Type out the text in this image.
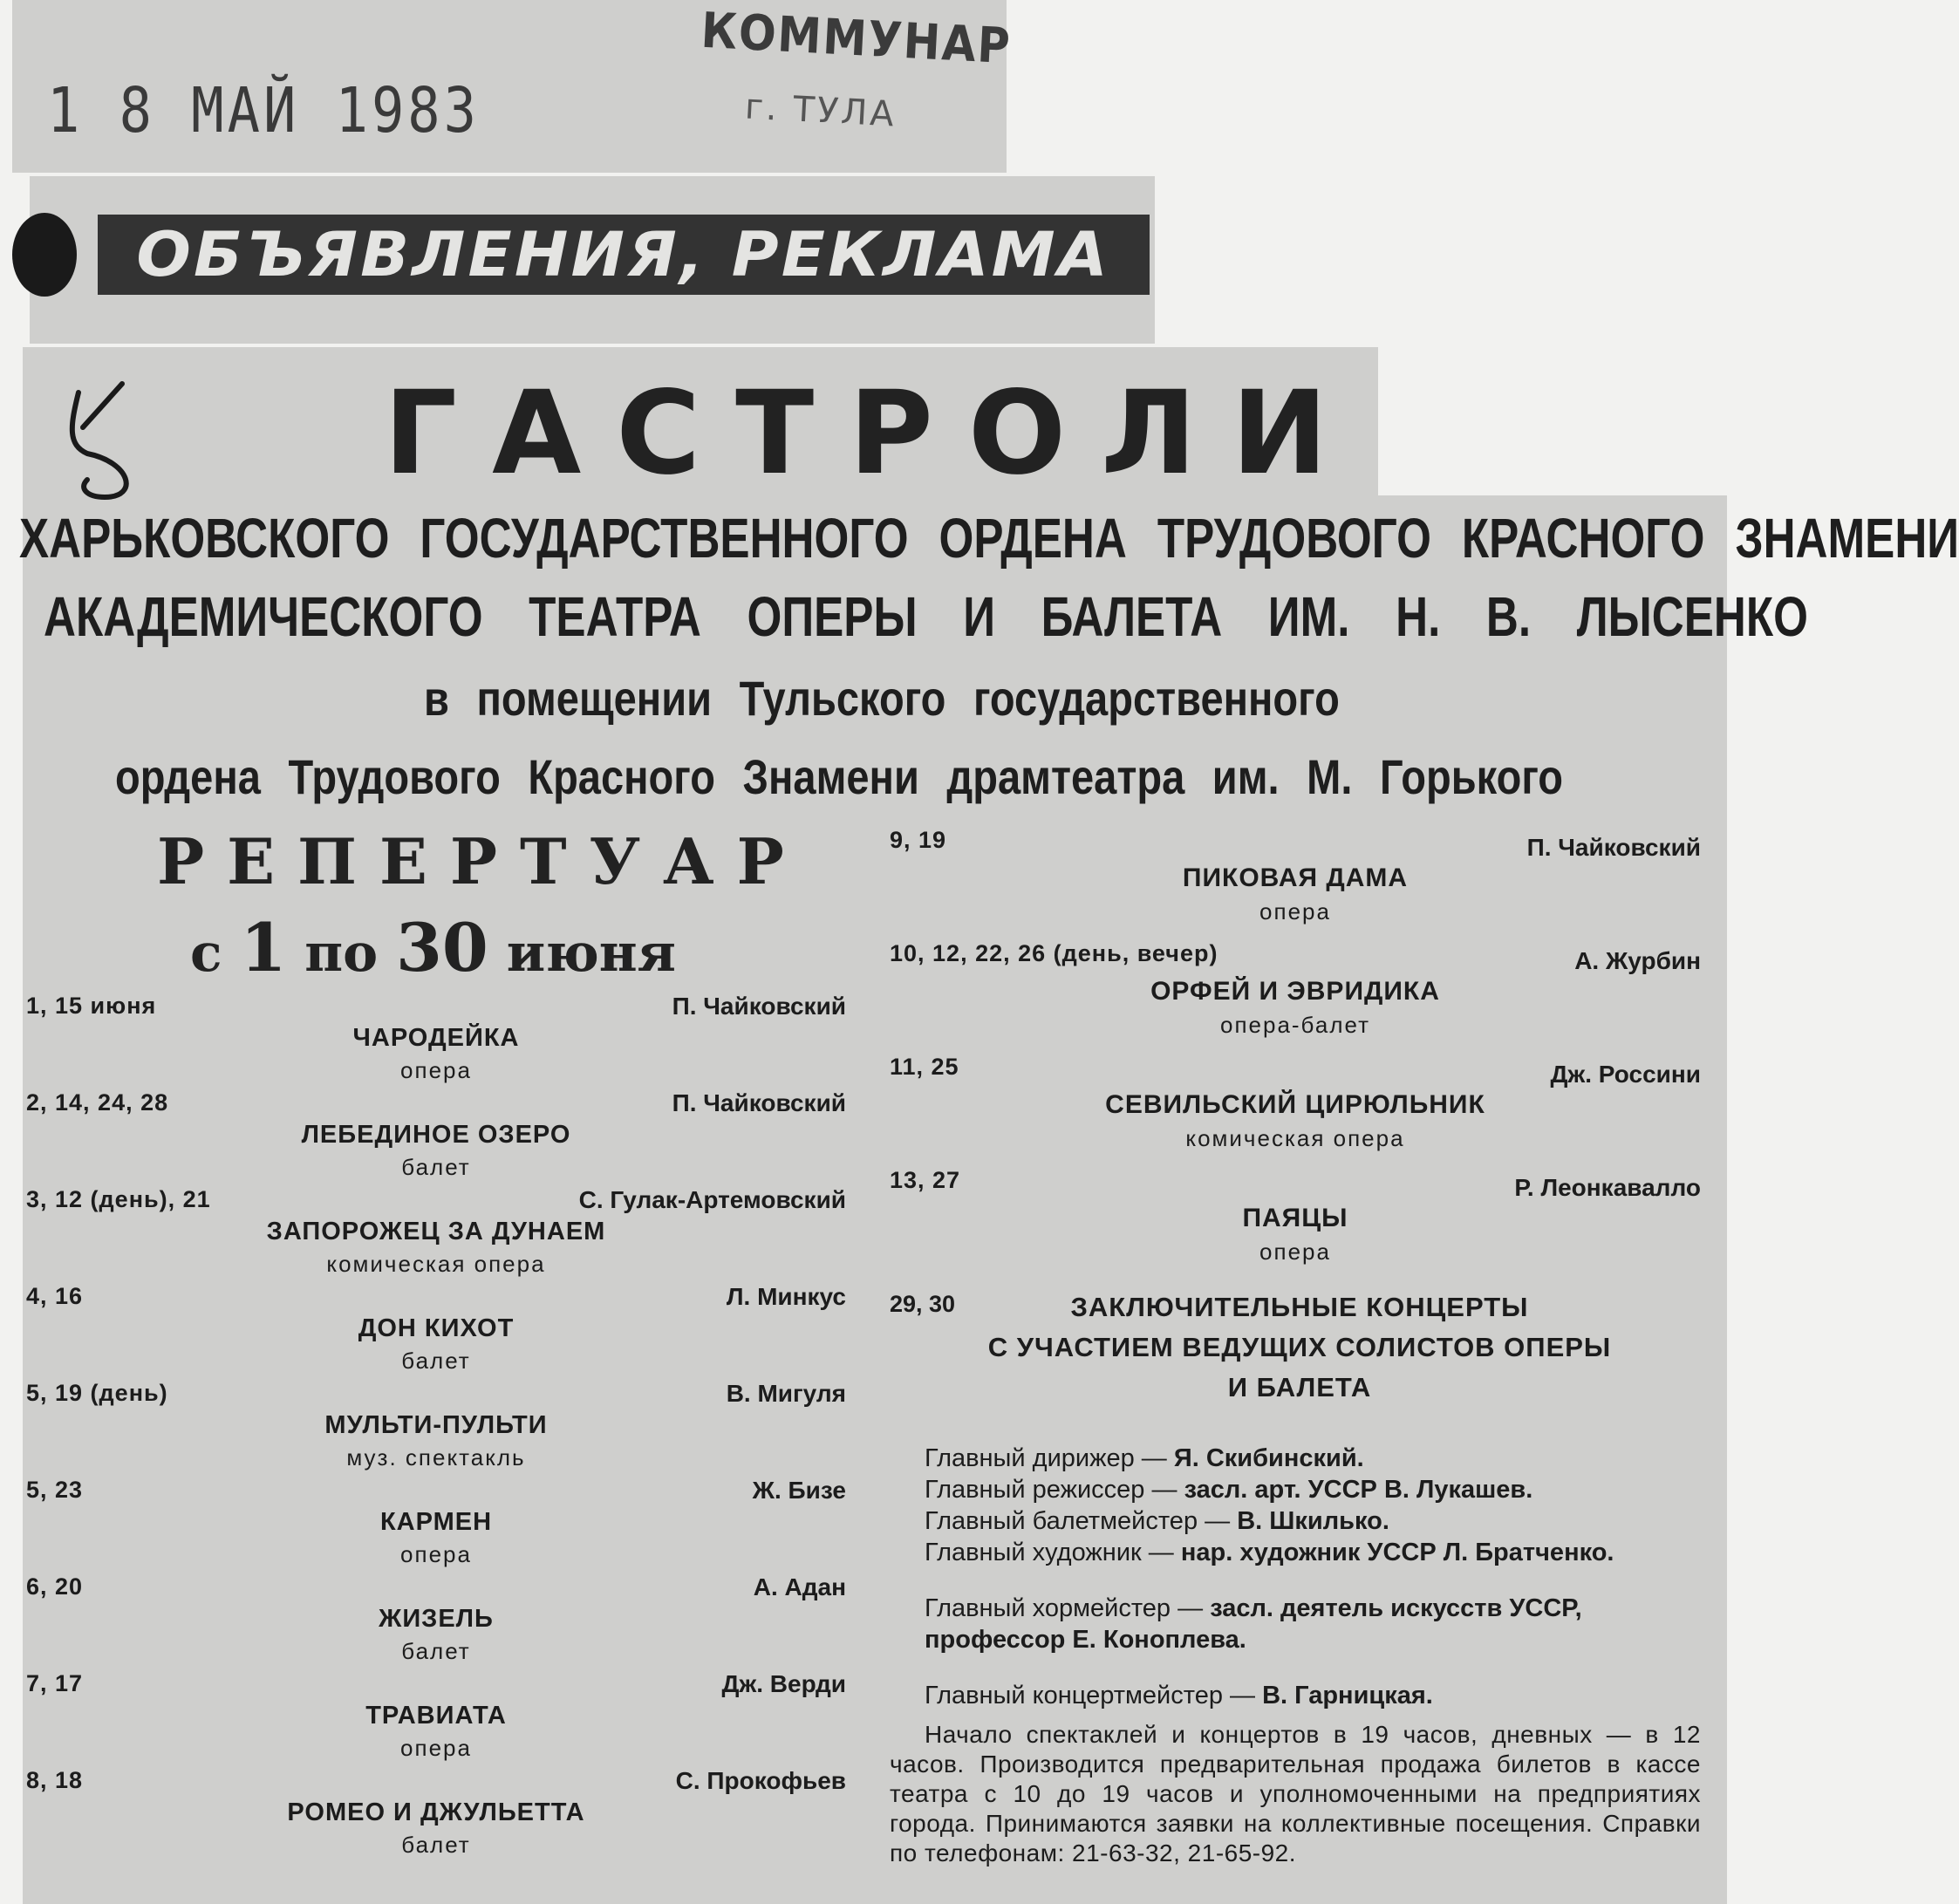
1 8 МАЙ 1983
КОММУНАР
г. ТУЛА
ОБЪЯВЛЕНИЯ, РЕКЛАМА
ГАСТРОЛИ
ХАРЬКОВСКОГО ГОСУДАРСТВЕННОГО ОРДЕНА ТРУДОВОГО КРАСНОГО ЗНАМЕНИ
АКАДЕМИЧЕСКОГО ТЕАТРА ОПЕРЫ И БАЛЕТА ИМ. Н. В. ЛЫСЕНКО
в помещении Тульского государственного
ордена Трудового Красного Знамени драмтеатра им. М. Горького
РЕПЕРТУАР
с 1 по 30 июня
1, 15 июня	П. Чайковский
ЧАРОДЕЙКА
опера
2, 14, 24, 28	П. Чайковский
ЛЕБЕДИНОЕ ОЗЕРО
балет
3, 12 (день), 21	С. Гулак-Артемовский
ЗАПОРОЖЕЦ ЗА ДУНАЕМ
комическая опера
4, 16	Л. Минкус
ДОН КИХОТ
балет
5, 19 (день)	В. Мигуля
МУЛЬТИ-ПУЛЬТИ
муз. спектакль
5, 23	Ж. Бизе
КАРМЕН
опера
6, 20	А. Адан
ЖИЗЕЛЬ
балет
7, 17	Дж. Верди
ТРАВИАТА
опера
8, 18	С. Прокофьев
РОМЕО И ДЖУЛЬЕТТА
балет
9, 19	П. Чайковский
ПИКОВАЯ ДАМА
опера
10, 12, 22, 26 (день, вечер)	А. Журбин
ОРФЕЙ И ЭВРИДИКА
опера-балет
11, 25	Дж. Россини
СЕВИЛЬСКИЙ ЦИРЮЛЬНИК
комическая опера
13, 27	Р. Леонкавалло
ПАЯЦЫ
опера
29, 30	ЗАКЛЮЧИТЕЛЬНЫЕ КОНЦЕРТЫ
С УЧАСТИЕМ ВЕДУЩИХ СОЛИСТОВ ОПЕРЫ
И БАЛЕТА

Главный дирижер — Я. Скибинский.

Главный режиссер — засл. арт. УССР В. Лукашев.

Главный балетмейстер — В. Шкилько.

Главный художник — нар. художник УССР Л. Братченко.

Главный хормейстер — засл. деятель искусств УССР, профессор Е. Коноплева.

Главный концертмейстер — В. Гарницкая.

Начало спектаклей и концертов в 19 часов, дневных — в 12 часов. Производится предварительная продажа билетов в кассе театра с 10 до 19 часов и уполномоченными на предприятиях города. Принимаются заявки на коллективные посещения. Справки по телефонам: 21-63-32, 21-65-92.
